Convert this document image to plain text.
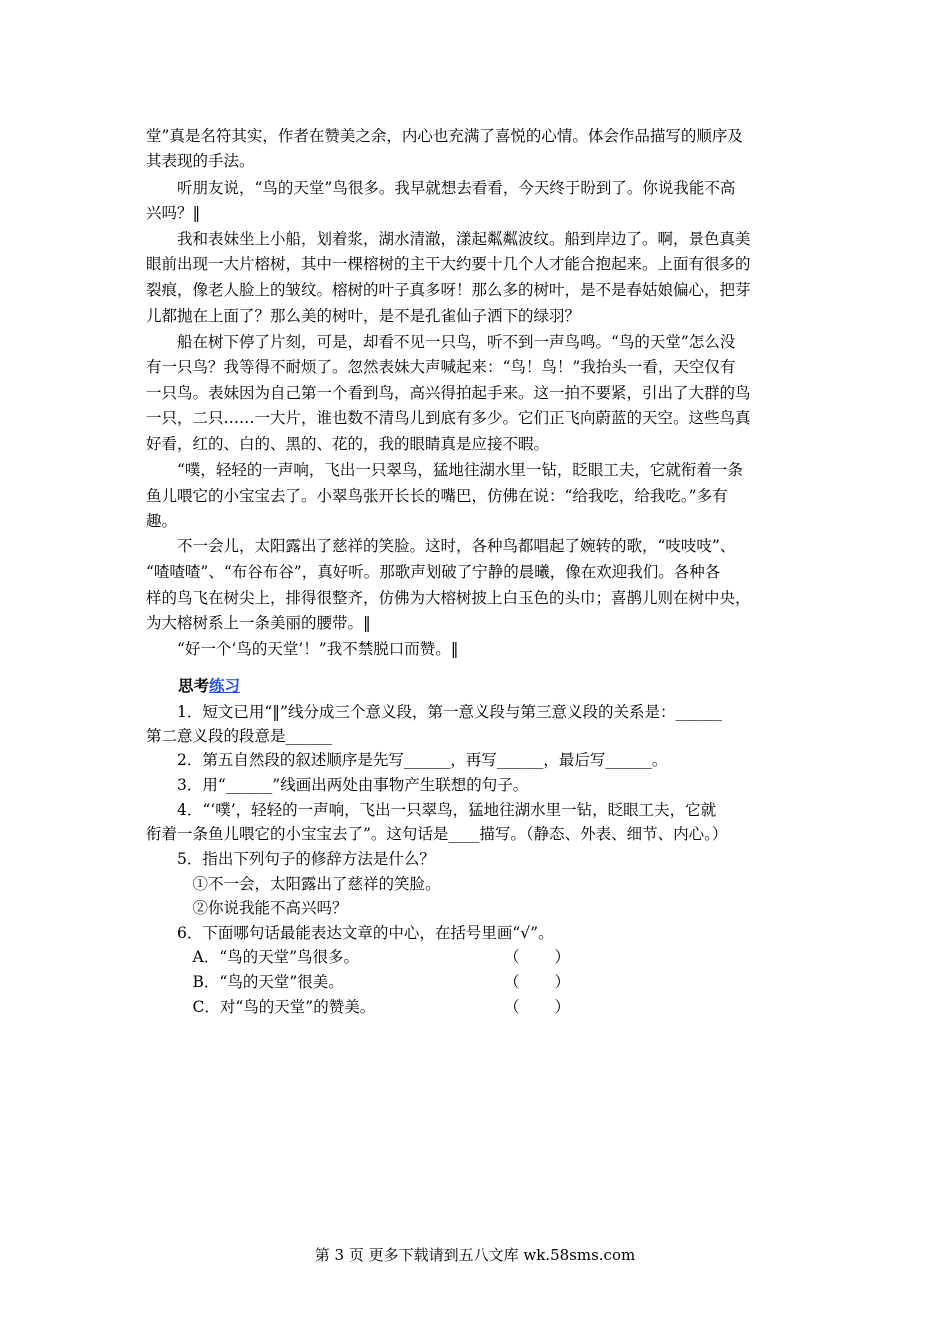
堂”真是名符其实，作者在赞美之余，内心也充满了喜悦的心情。体会作品描写的顺序及
其表现的手法。
　　听朋友说，“鸟的天堂”鸟很多。我早就想去看看，今天终于盼到了。你说我能不高
兴吗？‖
　　我和表妹坐上小船，划着浆，湖水清澈，漾起粼粼波纹。船到岸边了。啊，景色真美
眼前出现一大片榕树，其中一棵榕树的主干大约要十几个人才能合抱起来。上面有很多的
裂痕，像老人脸上的皱纹。榕树的叶子真多呀！那么多的树叶，是不是春姑娘偏心，把芽
儿都抛在上面了？那么美的树叶，是不是孔雀仙子洒下的绿羽？
　　船在树下停了片刻，可是，却看不见一只鸟，听不到一声鸟鸣。“鸟的天堂”怎么没
有一只鸟？我等得不耐烦了。忽然表妹大声喊起来：“鸟！鸟！”我抬头一看，天空仅有
一只鸟。表妹因为自己第一个看到鸟，高兴得拍起手来。这一拍不要紧，引出了大群的鸟
一只，二只……一大片，谁也数不清鸟儿到底有多少。它们正飞向蔚蓝的天空。这些鸟真
好看，红的、白的、黑的、花的，我的眼睛真是应接不暇。
　　“噗，轻轻的一声响，飞出一只翠鸟，猛地往湖水里一钻，眨眼工夫，它就衔着一条
鱼儿喂它的小宝宝去了。小翠鸟张开长长的嘴巴，仿佛在说：“给我吃，给我吃。”多有
趣。
　　不一会儿，太阳露出了慈祥的笑脸。这时，各种鸟都唱起了婉转的歌，“吱吱吱”、
“喳喳喳”、“布谷布谷”，真好听。那歌声划破了宁静的晨曦，像在欢迎我们。各种各
样的鸟飞在树尖上，排得很整齐，仿佛为大榕树披上白玉色的头巾；喜鹊儿则在树中央，
为大榕树系上一条美丽的腰带。‖
　　“好一个‘鸟的天堂’！”我不禁脱口而赞。‖
思考练习
　　1．短文已用“‖”线分成三个意义段，第一意义段与第三意义段的关系是：______
第二意义段的段意是______
　　2．第五自然段的叙述顺序是先写______，再写______，最后写______。
　　3．用“______”线画出两处由事物产生联想的句子。
　　4．“‘噗’，轻轻的一声响，飞出一只翠鸟，猛地往湖水里一钻，眨眼工夫，它就
衔着一条鱼儿喂它的小宝宝去了”。这句话是____描写。（静态、外表、细节、内心。）
　　5．指出下列句子的修辞方法是什么？
　　　①不一会，太阳露出了慈祥的笑脸。
　　　②你说我能不高兴吗？
　　6．下面哪句话最能表达文章的中心，在括号里画“√”。
　　　A．“鸟的天堂”鸟很多。	（ ）
　　　B．“鸟的天堂”很美。	（ ）
　　　C．对“鸟的天堂”的赞美。	（ ）
第 3 页 更多下载请到五八文库 wk.58sms.com
